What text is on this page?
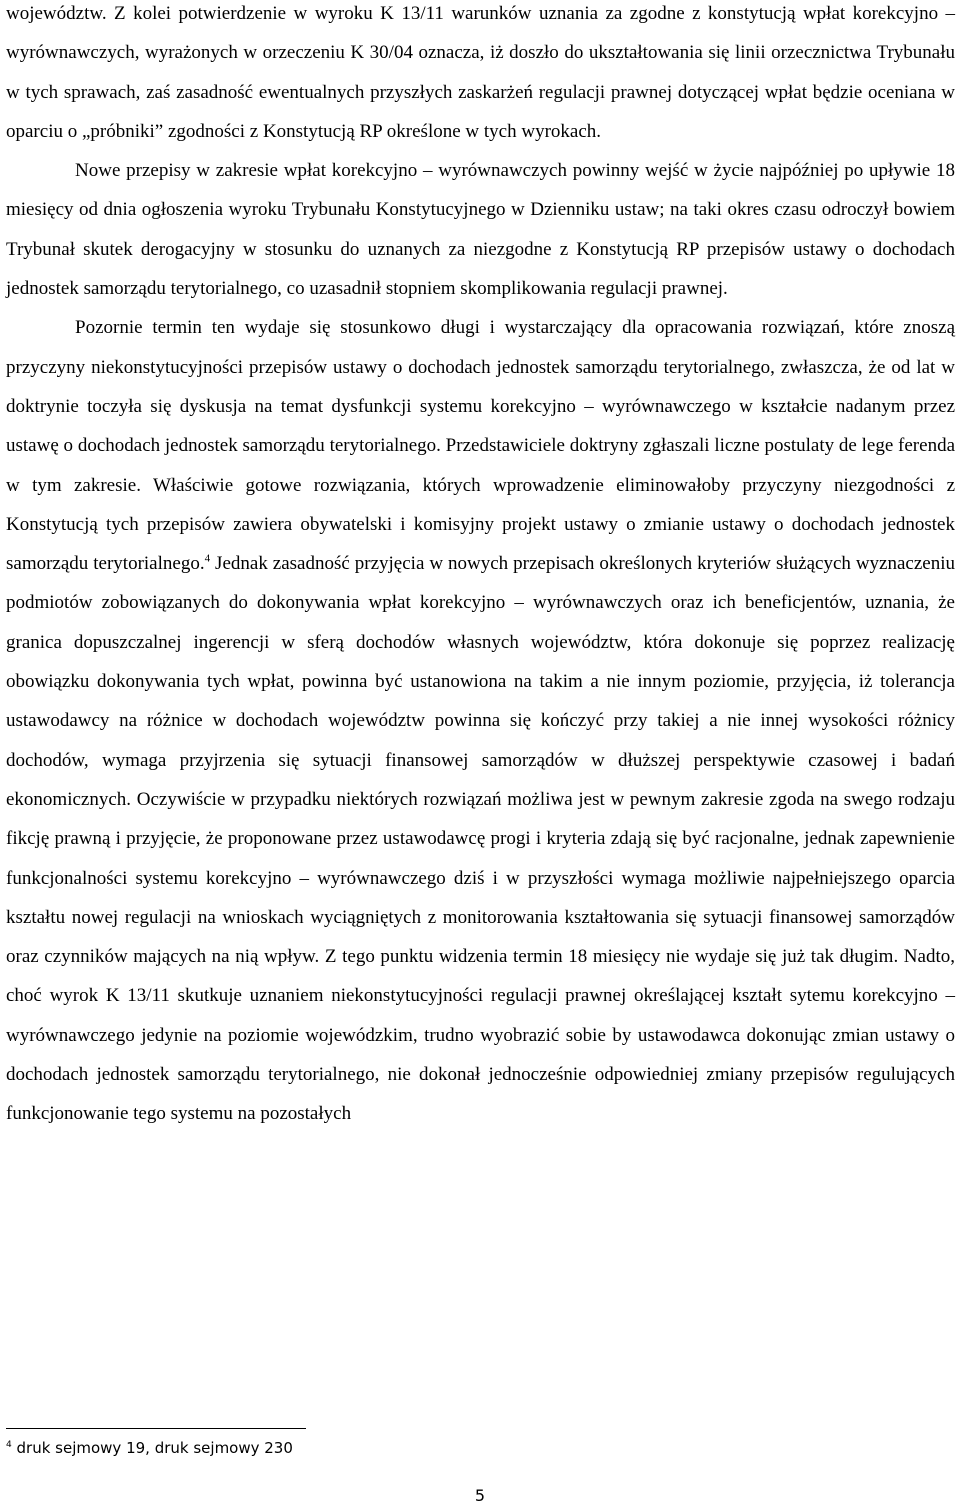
województw. Z kolei potwierdzenie w wyroku K 13/11 warunków uznania za zgodne z konstytucją wpłat korekcyjno – wyrównawczych, wyrażonych w orzeczeniu K 30/04 oznacza, iż doszło do ukształtowania się linii orzecznictwa Trybunału w tych sprawach, zaś zasadność ewentualnych przyszłych zaskarżeń regulacji prawnej dotyczącej wpłat będzie oceniana w oparciu o „próbniki” zgodności z Konstytucją RP określone w tych wyrokach.

Nowe przepisy w zakresie wpłat korekcyjno – wyrównawczych powinny wejść w życie najpóźniej po upływie 18 miesięcy od dnia ogłoszenia wyroku Trybunału Konstytucyjnego w Dzienniku ustaw; na taki okres czasu odroczył bowiem Trybunał skutek derogacyjny w stosunku do uznanych za niezgodne z Konstytucją RP przepisów ustawy o dochodach jednostek samorządu terytorialnego, co uzasadnił stopniem skomplikowania regulacji prawnej.

Pozornie termin ten wydaje się stosunkowo długi i wystarczający dla opracowania rozwiązań, które znoszą przyczyny niekonstytucyjności przepisów ustawy o dochodach jednostek samorządu terytorialnego, zwłaszcza, że od lat w doktrynie toczyła się dyskusja na temat dysfunkcji systemu korekcyjno – wyrównawczego w kształcie nadanym przez ustawę o dochodach jednostek samorządu terytorialnego. Przedstawiciele doktryny zgłaszali liczne postulaty de lege ferenda w tym zakresie. Właściwie gotowe rozwiązania, których wprowadzenie eliminowałoby przyczyny niezgodności z Konstytucją tych przepisów zawiera obywatelski i komisyjny projekt ustawy o zmianie ustawy o dochodach jednostek samorządu terytorialnego.$^4$ Jednak zasadność przyjęcia w nowych przepisach określonych kryteriów służących wyznaczeniu podmiotów zobowiązanych do dokonywania wpłat korekcyjno – wyrównawczych oraz ich beneficjentów, uznania, że granica dopuszczalnej ingerencji w sferą dochodów własnych województw, która dokonuje się poprzez realizację obowiązku dokonywania tych wpłat, powinna być ustanowiona na takim a nie innym poziomie, przyjęcia, iż tolerancja ustawodawcy na różnice w dochodach województw powinna się kończyć przy takiej a nie innej wysokości różnicy dochodów, wymaga przyjrzenia się sytuacji finansowej samorządów w dłuższej perspektywie czasowej i badań ekonomicznych. Oczywiście w przypadku niektórych rozwiązań możliwa jest w pewnym zakresie zgoda na swego rodzaju fikcję prawną i przyjęcie, że proponowane przez ustawodawcę progi i kryteria zdają się być racjonalne, jednak zapewnienie funkcjonalności systemu korekcyjno – wyrównawczego dziś i w przyszłości wymaga możliwie najpełniejszego oparcia kształtu nowej regulacji na wnioskach wyciągniętych z monitorowania kształtowania się sytuacji finansowej samorządów oraz czynników mających na nią wpływ. Z tego punktu widzenia termin 18 miesięcy nie wydaje się już tak długim. Nadto, choć wyrok K 13/11 skutkuje uznaniem niekonstytucyjności regulacji prawnej określającej kształt sytemu korekcyjno – wyrównawczego jedynie na poziomie wojewódzkim, trudno wyobrazić sobie by ustawodawca dokonując zmian ustawy o dochodach jednostek samorządu terytorialnego, nie dokonał jednocześnie odpowiedniej zmiany przepisów regulujących funkcjonowanie tego systemu na pozostałych

$^4$ druk sejmowy 19, druk sejmowy 230
5
